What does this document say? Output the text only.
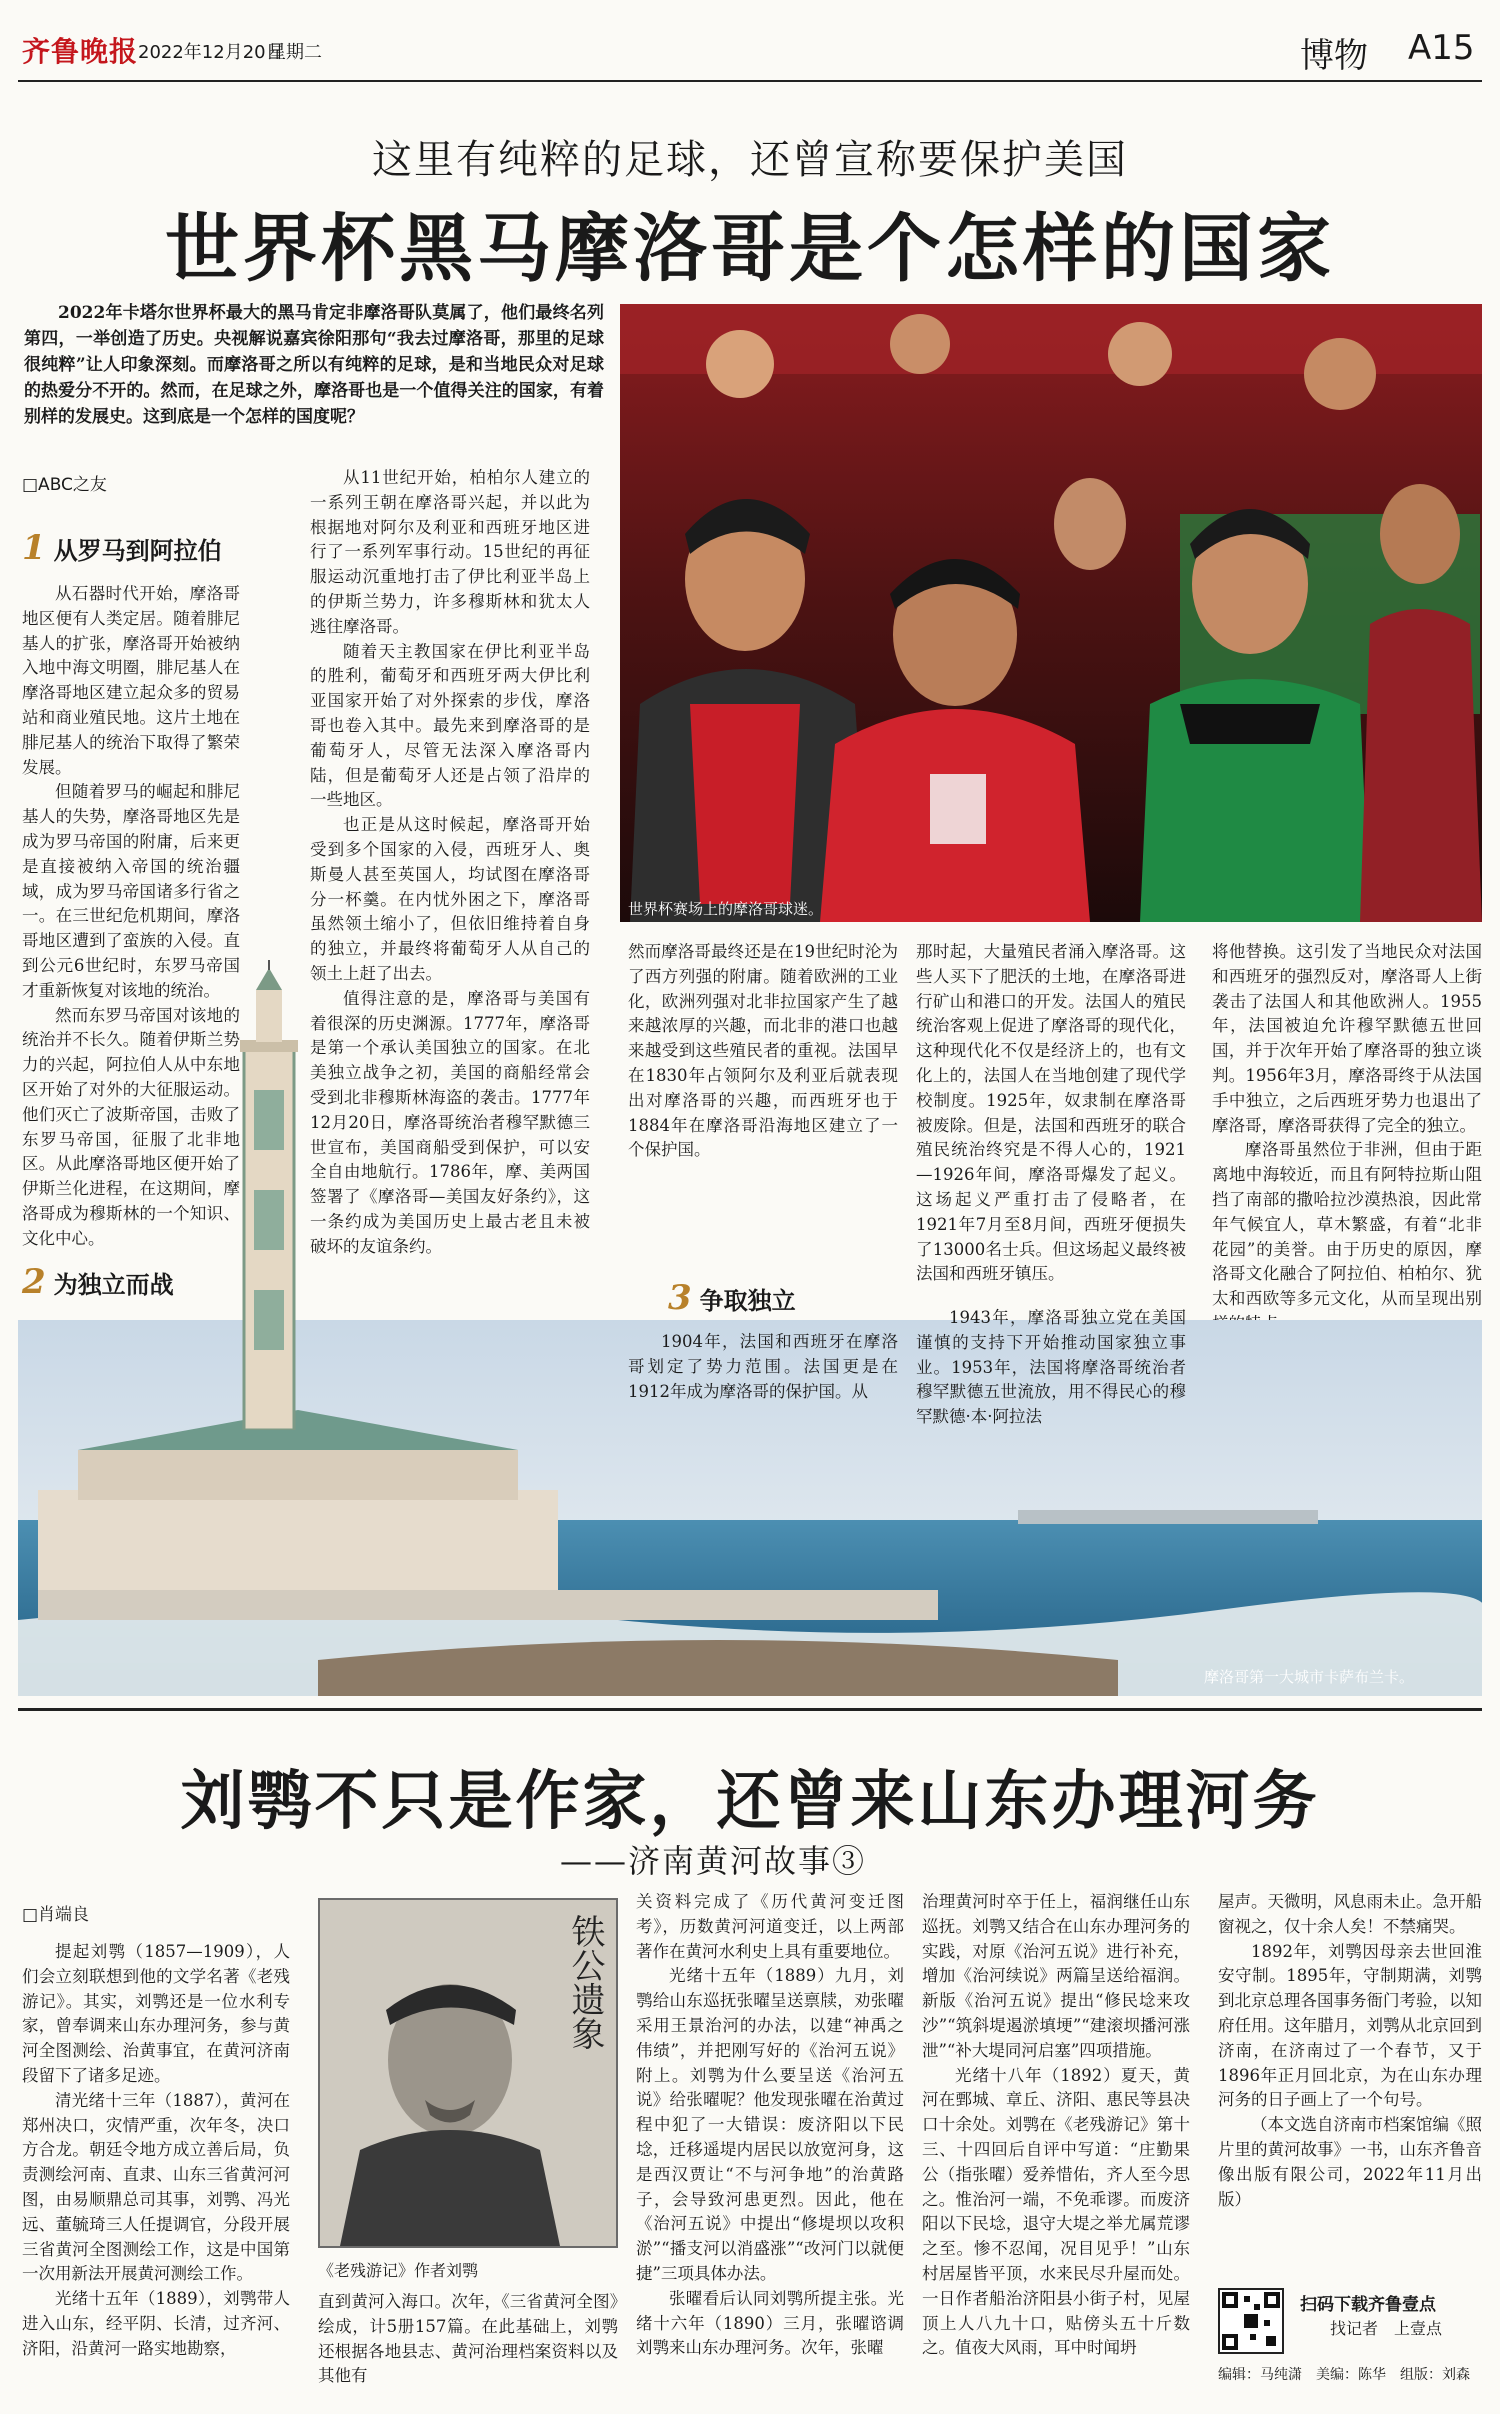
齐鲁晚报 2022年12月20日
星期二	博物 A15
这里有纯粹的足球，还曾宣称要保护美国
世界杯黑马摩洛哥是个怎样的国家
2022年卡塔尔世界杯最大的黑马肯定非摩洛哥队莫属了，他们最终名列第四，一举创造了历史。央视解说嘉宾徐阳那句“我去过摩洛哥，那里的足球很纯粹”让人印象深刻。而摩洛哥之所以有纯粹的足球，是和当地民众对足球的热爱分不开的。然而，在足球之外，摩洛哥也是一个值得关注的国家，有着别样的发展史。这到底是一个怎样的国度呢？
□ABC之友
1 从罗马到阿拉伯

从石器时代开始，摩洛哥地区便有人类定居。随着腓尼基人的扩张，摩洛哥开始被纳入地中海文明圈，腓尼基人在摩洛哥地区建立起众多的贸易站和商业殖民地。这片土地在腓尼基人的统治下取得了繁荣发展。

但随着罗马的崛起和腓尼基人的失势，摩洛哥地区先是成为罗马帝国的附庸，后来更是直接被纳入帝国的统治疆域，成为罗马帝国诸多行省之一。在三世纪危机期间，摩洛哥地区遭到了蛮族的入侵。直到公元6世纪时，东罗马帝国才重新恢复对该地的统治。

然而东罗马帝国对该地的统治并不长久。随着伊斯兰势力的兴起，阿拉伯人从中东地区开始了对外的大征服运动。他们灭亡了波斯帝国，击败了东罗马帝国，征服了北非地区。从此摩洛哥地区便开始了伊斯兰化进程，在这期间，摩洛哥成为穆斯林的一个知识、文化中心。

2 为独立而战

从11世纪开始，柏柏尔人建立的一系列王朝在摩洛哥兴起，并以此为根据地对阿尔及利亚和西班牙地区进行了一系列军事行动。15世纪的再征服运动沉重地打击了伊比利亚半岛上的伊斯兰势力，许多穆斯林和犹太人逃往摩洛哥。

随着天主教国家在伊比利亚半岛的胜利，葡萄牙和西班牙两大伊比利亚国家开始了对外探索的步伐，摩洛哥也卷入其中。最先来到摩洛哥的是葡萄牙人，尽管无法深入摩洛哥内陆，但是葡萄牙人还是占领了沿岸的一些地区。

也正是从这时候起，摩洛哥开始受到多个国家的入侵，西班牙人、奥斯曼人甚至英国人，均试图在摩洛哥分一杯羹。在内忧外困之下，摩洛哥虽然领土缩小了，但依旧维持着自身的独立，并最终将葡萄牙人从自己的领土上赶了出去。

值得注意的是，摩洛哥与美国有着很深的历史渊源。1777年，摩洛哥是第一个承认美国独立的国家。在北美独立战争之初，美国的商船经常会受到北非穆斯林海盗的袭击。1777年12月20日，摩洛哥统治者穆罕默德三世宣布，美国商船受到保护，可以安全自由地航行。1786年，摩、美两国签署了《摩洛哥—美国友好条约》，这一条约成为美国历史上最古老且未被破坏的友谊条约。

世界杯赛场上的摩洛哥球迷。

然而摩洛哥最终还是在19世纪时沦为了西方列强的附庸。随着欧洲的工业化，欧洲列强对北非拉国家产生了越来越浓厚的兴趣，而北非的港口也越来越受到这些殖民者的重视。法国早在1830年占领阿尔及利亚后就表现出对摩洛哥的兴趣，而西班牙也于1884年在摩洛哥沿海地区建立了一个保护国。

3 争取独立

那时起，大量殖民者涌入摩洛哥。这些人买下了肥沃的土地，在摩洛哥进行矿山和港口的开发。法国人的殖民统治客观上促进了摩洛哥的现代化，这种现代化不仅是经济上的，也有文化上的，法国人在当地创建了现代学校制度。1925年，奴隶制在摩洛哥被废除。但是，法国和西班牙的联合殖民统治终究是不得人心的，1921—1926年间，摩洛哥爆发了起义。这场起义严重打击了侵略者，在1921年7月至8月间，西班牙便损失了13000名士兵。但这场起义最终被法国和西班牙镇压。

将他替换。这引发了当地民众对法国和西班牙的强烈反对，摩洛哥人上街袭击了法国人和其他欧洲人。1955年，法国被迫允许穆罕默德五世回国，并于次年开始了摩洛哥的独立谈判。1956年3月，摩洛哥终于从法国手中独立，之后西班牙势力也退出了摩洛哥，摩洛哥获得了完全的独立。

摩洛哥虽然位于非洲，但由于距离地中海较近，而且有阿特拉斯山阻挡了南部的撒哈拉沙漠热浪，因此常年气候宜人，草木繁盛，有着“北非花园”的美誉。由于历史的原因，摩洛哥文化融合了阿拉伯、柏柏尔、犹太和西欧等多元文化，从而呈现出别

摩洛哥第一大城市卡萨布兰卡。

1904年，法国和西班牙在摩洛哥划定了势力范围。法国更是在1912年成为摩洛哥的保护国。从

1943年，摩洛哥独立党在美国谨慎的支持下开始推动国家独立事业。1953年，法国将摩洛哥统治者穆罕默德五世流放，用不得民心的穆罕默德·本·阿拉法

刘鹗不只是作家，还曾来山东办理河务
——济南黄河故事③
□肖端良

提起刘鹗（1857—1909），人们会立刻联想到他的文学名著《老残游记》。其实，刘鹗还是一位水利专家，曾奉调来山东办理河务，参与黄河全图测绘、治黄事宜，在黄河济南段留下了诸多足迹。

清光绪十三年（1887），黄河在郑州决口，灾情严重，次年冬，决口方合龙。朝廷令地方成立善后局，负责测绘河南、直隶、山东三省黄河河图，由易顺鼎总司其事，刘鹗、冯光远、董毓琦三人任提调官，分段开展三省黄河全图测绘工作，这是中国第一次用新法开展黄河测绘工作。

光绪十五年（1889），刘鹗带人进入山东，经平阴、长清，过齐河、济阳，沿黄河一路实地勘察，

铁公遗象
《老残游记》作者刘鹗

直到黄河入海口。次年，《三省黄河全图》绘成，计5册157篇。在此基础上，刘鹗还根据各地县志、黄河治理档案资料以及其他有

关资料完成了《历代黄河变迁图考》，历数黄河河道变迁，以上两部著作在黄河水利史上具有重要地位。

光绪十五年（1889）九月，刘鹗给山东巡抚张曜呈送禀牍，劝张曜采用王景治河的办法，以建“神禹之伟绩”，并把刚写好的《治河五说》附上。刘鹗为什么要呈送《治河五说》给张曜呢？他发现张曜在治黄过程中犯了一大错误：废济阳以下民埝，迁移遥堤内居民以放宽河身，这是西汉贾让“不与河争地”的治黄路子，会导致河患更烈。因此，他在《治河五说》中提出“修堤坝以攻积淤”“播支河以消盛涨”“改河门以就便捷”三项具体办法。

张曜看后认同刘鹗所提主张。光绪十六年（1890）三月，张曜谘调刘鹗来山东办理河务。次年，张曜

治理黄河时卒于任上，福润继任山东巡抚。刘鹗又结合在山东办理河务的实践，对原《治河五说》进行补充，增加《治河续说》两篇呈送给福润。新版《治河五说》提出“修民埝来攻沙”“筑斜堤遏淤填埂”“建滚坝播河涨泄”“补大堤同河启塞”四项措施。

光绪十八年（1892）夏天，黄河在鄄城、章丘、济阳、惠民等县决口十余处。刘鹗在《老残游记》第十三、十四回后自评中写道：“庄勤果公（指张曜）爱养惜佑，齐人至今思之。惟治河一端，不免乖谬。而废济阳以下民埝，退守大堤之举尤属荒谬之至。惨不忍闻，况目见乎！”山东村居屋皆平顶，水来民尽升屋而处。一日作者船治济阳县小街子村，见屋顶上人八九十口，贴傍头五十斤数之。值夜大风雨，耳中时闻坍

屋声。天微明，风息雨未止。急开船窗视之，仅十余人矣！不禁痛哭。

1892年，刘鹗因母亲去世回淮安守制。1895年，守制期满，刘鹗到北京总理各国事务衙门考验，以知府任用。这年腊月，刘鹗从北京回到济南，在济南过了一个春节，又于1896年正月回北京，为在山东办理河务的日子画上了一个句号。

（本文选自济南市档案馆编《照片里的黄河故事》一书，山东齐鲁音像出版有限公司，2022年11月出版）

扫码下载齐鲁壹点
找记者　上壹点
编辑：马纯潇　美编：陈华　组版：刘森
